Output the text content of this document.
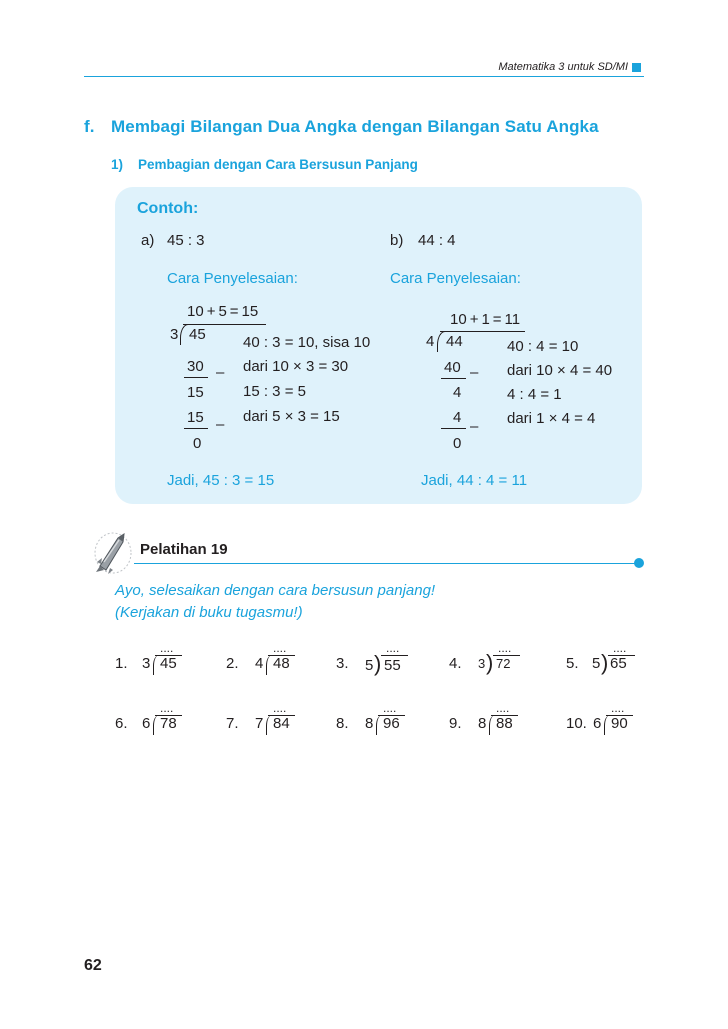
Matematika 3 untuk SD/MI
f. Membagi Bilangan Dua Angka dengan Bilangan Satu Angka
1) Pembagian dengan Cara Bersusun Panjang
Contoh:
a) 45 : 3
Cara Penyelesaian:
10 + 5 = 15
3 45
30 –
15
15 –
0
40 : 3 = 10, sisa 10
dari 10 × 3 = 30
15 : 3 = 5
dari 5 × 3 = 15
Jadi, 45 : 3 = 15
b) 44 : 4
Cara Penyelesaian:
10 + 1 = 11
4 44
40 –
4
4
–
0
40 : 4 = 10
dari 10 × 4 = 40
4 : 4 = 1
dari 1 × 4 = 4
Jadi, 44 : 4 = 11
Pelatihan 19
Ayo, selesaikan dengan cara bersusun panjang!
(Kerjakan di buku tugasmu!)
1. 3
....
45	2. 4
....
48	3. 5 )
....
55	4. 3 )
....
72	5. 5 )
....
65
6. 6
....
78	7. 7
....
84	8. 8
....
96	9. 8
....
88	10. 6
....
90
62
